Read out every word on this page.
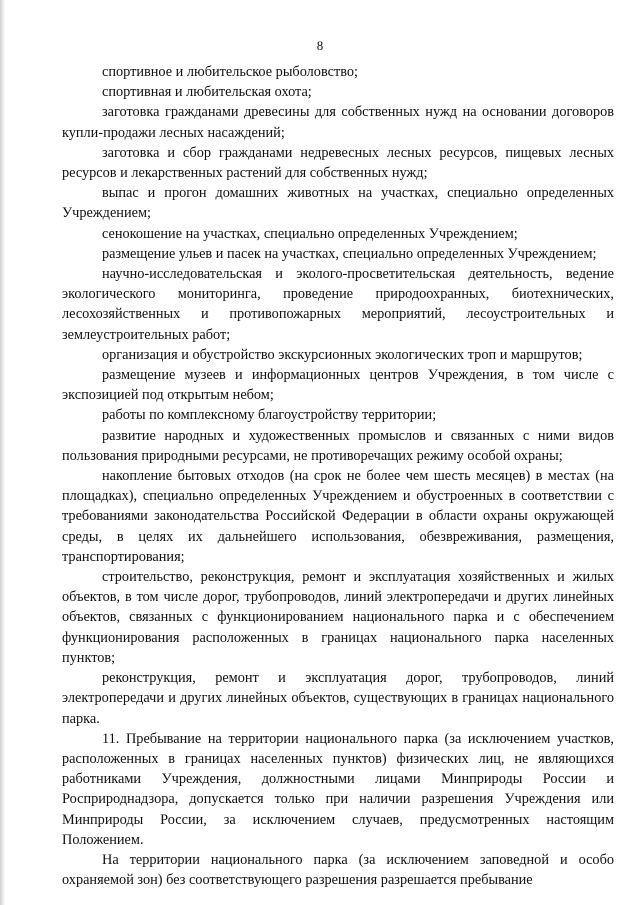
8

спортивное и любительское рыболовство;

спортивная и любительская охота;

заготовка гражданами древесины для собственных нужд на основании договоров купли-продажи лесных насаждений;

заготовка и сбор гражданами недревесных лесных ресурсов, пищевых лесных ресурсов и лекарственных растений для собственных нужд;

выпас и прогон домашних животных на участках, специально определенных Учреждением;

сенокошение на участках, специально определенных Учреждением;

размещение ульев и пасек на участках, специально определенных Учреждением;

научно-исследовательская и эколого-просветительская деятельность, ведение экологического мониторинга, проведение природоохранных, биотехнических, лесохозяйственных и противопожарных мероприятий, лесоустроительных и землеустроительных работ;

организация и обустройство экскурсионных экологических троп и маршрутов;

размещение музеев и информационных центров Учреждения, в том числе с экспозицией под открытым небом;

работы по комплексному благоустройству территории;

развитие народных и художественных промыслов и связанных с ними видов пользования природными ресурсами, не противоречащих режиму особой охраны;

накопление бытовых отходов (на срок не более чем шесть месяцев) в местах (на площадках), специально определенных Учреждением и обустроенных в соответствии с требованиями законодательства Российской Федерации в области охраны окружающей среды, в целях их дальнейшего использования, обезвреживания, размещения, транспортирования;

строительство, реконструкция, ремонт и эксплуатация хозяйственных и жилых объектов, в том числе дорог, трубопроводов, линий электропередачи и других линейных объектов, связанных с функционированием национального парка и с обеспечением функционирования расположенных в границах национального парка населенных пунктов;

реконструкция, ремонт и эксплуатация дорог, трубопроводов, линий электропередачи и других линейных объектов, существующих в границах национального парка.

11. Пребывание на территории национального парка (за исключением участков, расположенных в границах населенных пунктов) физических лиц, не являющихся работниками Учреждения, должностными лицами Минприроды России и Росприроднадзора, допускается только при наличии разрешения Учреждения или Минприроды России, за исключением случаев, предусмотренных настоящим Положением.

На территории национального парка (за исключением заповедной и особо охраняемой зон) без соответствующего разрешения разрешается пребывание
